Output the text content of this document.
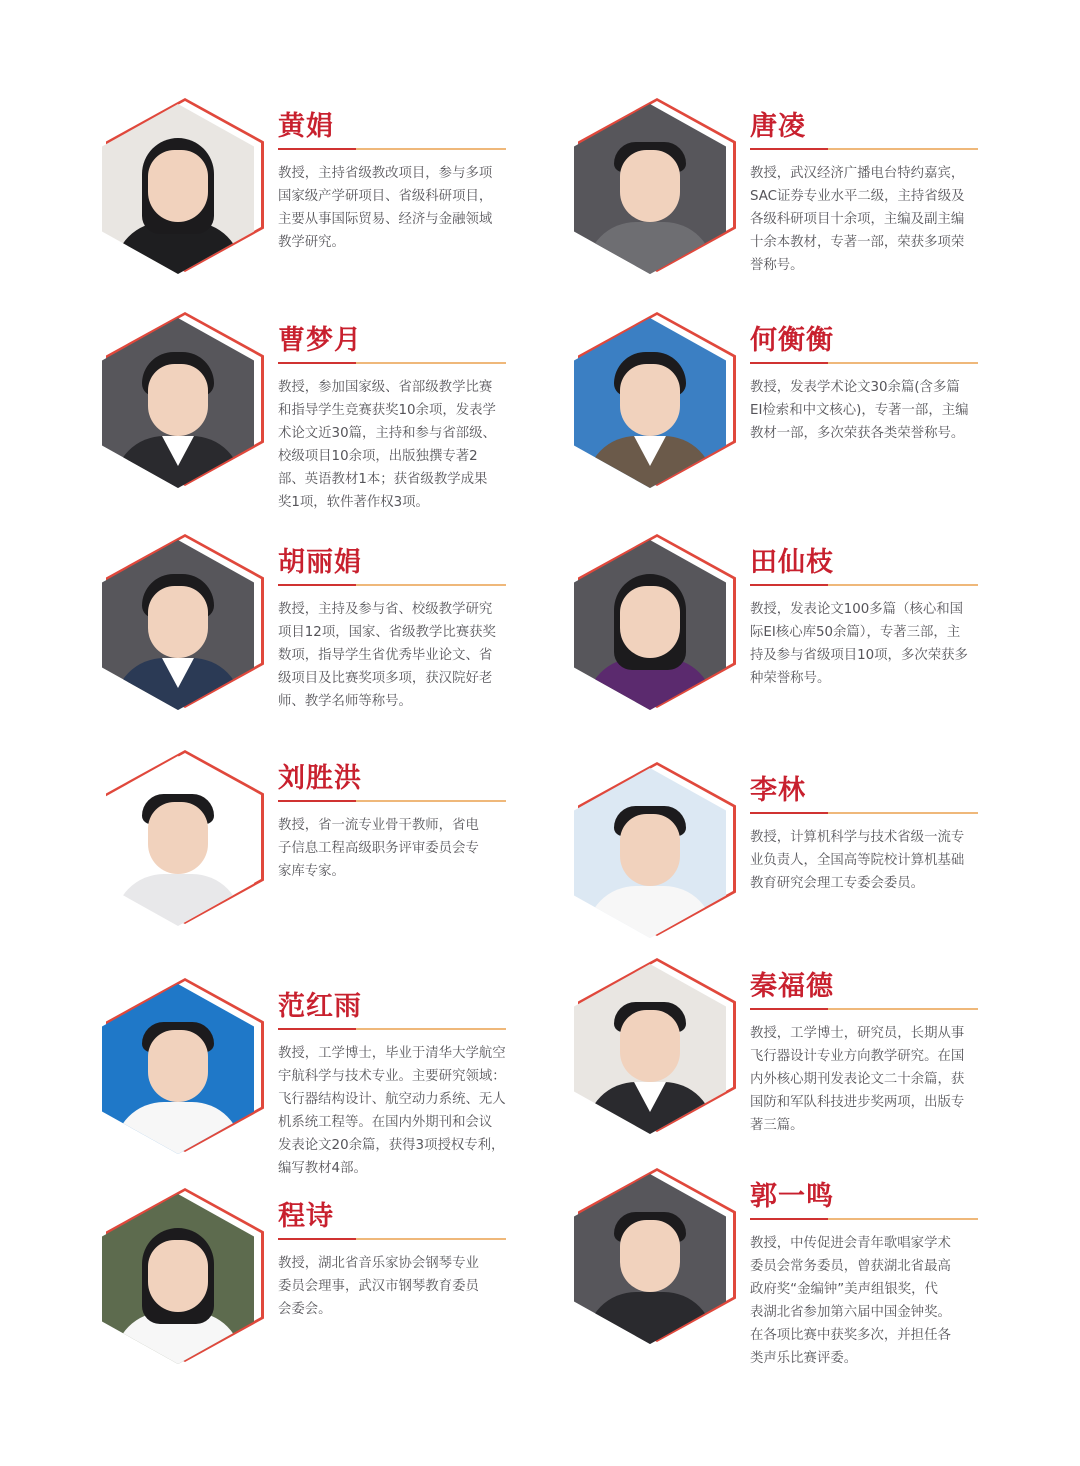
黄娟

教授，主持省级教改项目，参与多项
国家级产学研项目、省级科研项目，
主要从事国际贸易、经济与金融领域
教学研究。

唐凌

教授，武汉经济广播电台特约嘉宾，
SAC证券专业水平二级，主持省级及
各级科研项目十余项，主编及副主编
十余本教材，专著一部，荣获多项荣
誉称号。

曹梦月

教授，参加国家级、省部级教学比赛
和指导学生竞赛获奖10余项，发表学
术论文近30篇，主持和参与省部级、
校级项目10余项，出版独撰专著2
部、英语教材1本；获省级教学成果
奖1项，软件著作权3项。

何衡衡

教授，发表学术论文30余篇(含多篇
EI检索和中文核心)，专著一部，主编
教材一部，多次荣获各类荣誉称号。

胡丽娟

教授，主持及参与省、校级教学研究
项目12项，国家、省级教学比赛获奖
数项，指导学生省优秀毕业论文、省
级项目及比赛奖项多项，获汉院好老
师、教学名师等称号。

田仙枝

教授，发表论文100多篇（核心和国
际EI核心库50余篇），专著三部，主
持及参与省级项目10项，多次荣获多
种荣誉称号。

刘胜洪

教授，省一流专业骨干教师，省电
子信息工程高级职务评审委员会专
家库专家。

李林

教授，计算机科学与技术省级一流专
业负责人，全国高等院校计算机基础
教育研究会理工专委会委员。

范红雨

教授，工学博士，毕业于清华大学航空
宇航科学与技术专业。主要研究领域：
飞行器结构设计、航空动力系统、无人
机系统工程等。在国内外期刊和会议
发表论文20余篇，获得3项授权专利，
编写教材4部。

秦福德

教授，工学博士，研究员，长期从事
飞行器设计专业方向教学研究。在国
内外核心期刊发表论文二十余篇，获
国防和军队科技进步奖两项，出版专
著三篇。

程诗

教授，湖北省音乐家协会钢琴专业
委员会理事，武汉市钢琴教育委员
会委会。

郭一鸣

教授，中传促进会青年歌唱家学术
委员会常务委员，曾获湖北省最高
政府奖“金编钟”美声组银奖，代
表湖北省参加第六届中国金钟奖。
在各项比赛中获奖多次，并担任各
类声乐比赛评委。
